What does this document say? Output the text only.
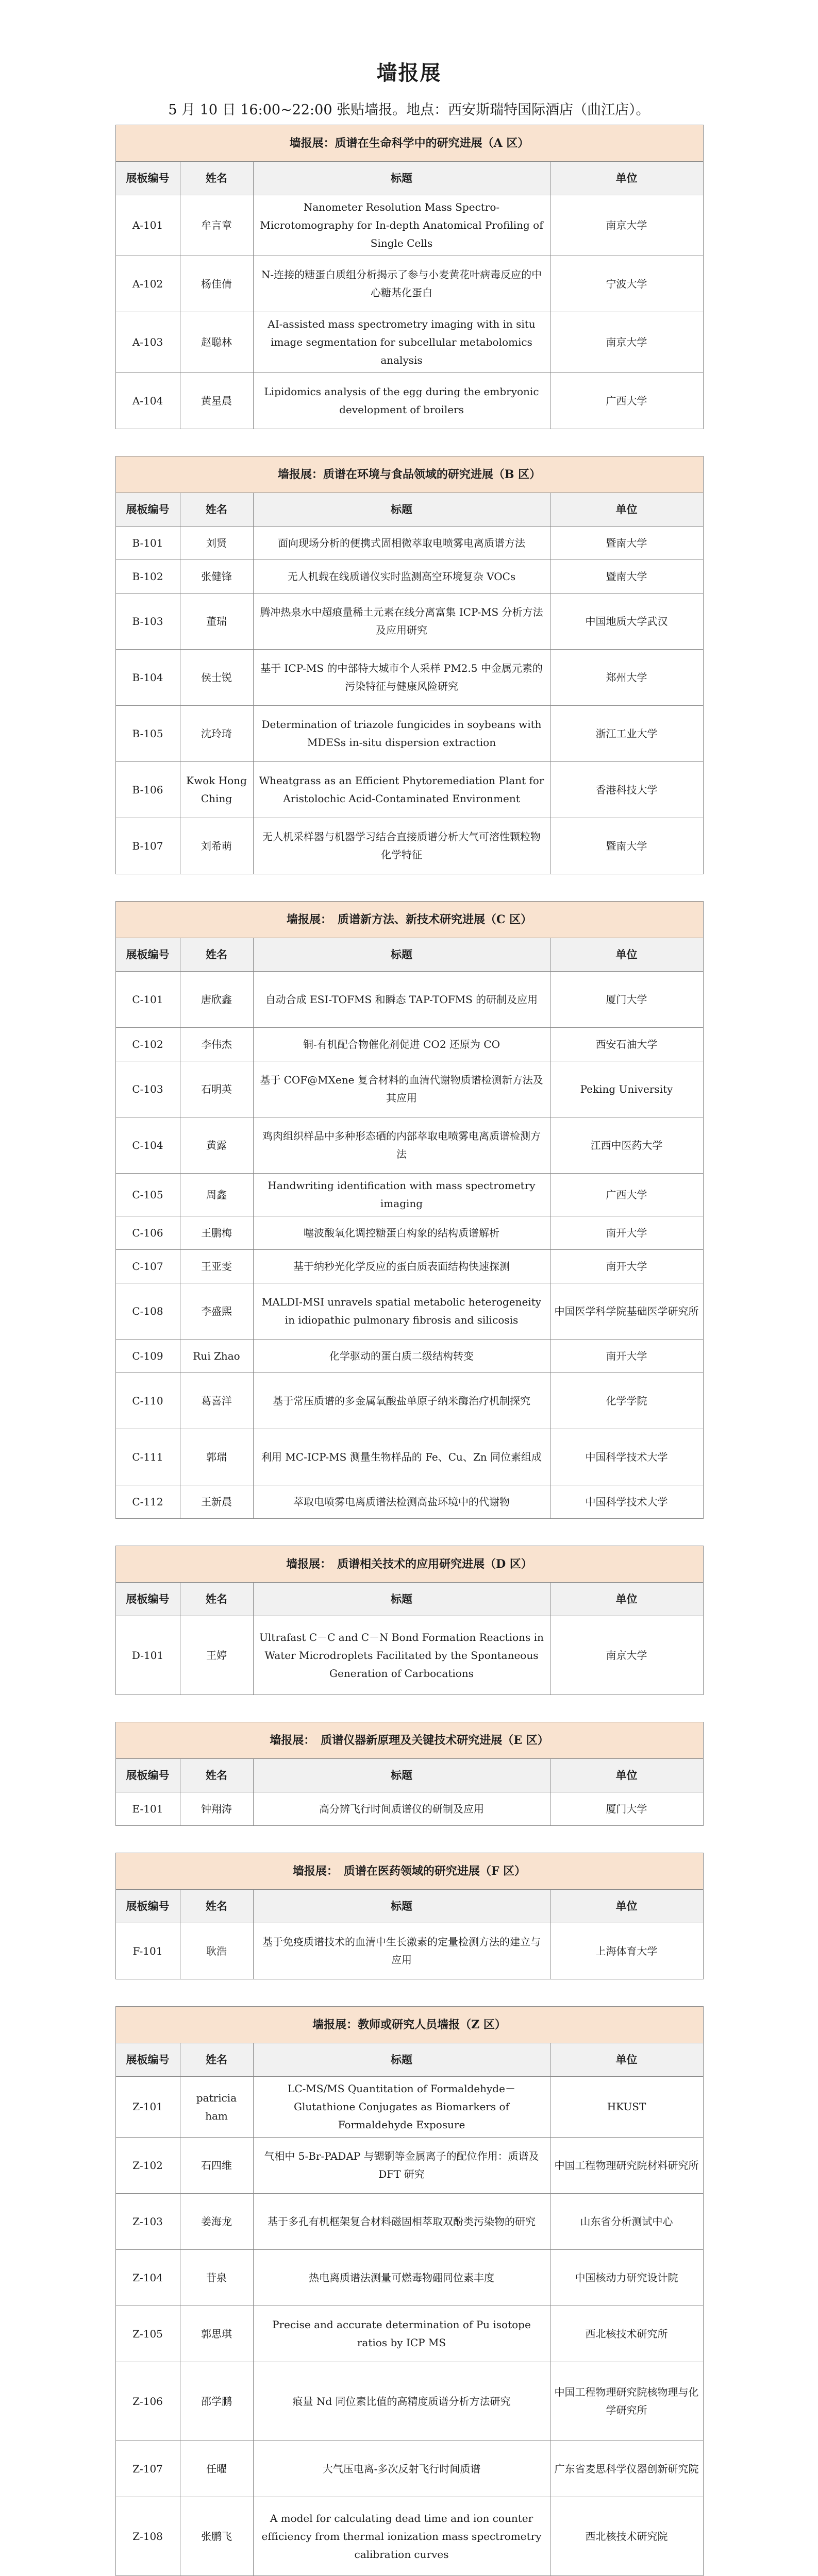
墙报展

5 月 10 日 16:00~22:00 张贴墙报。地点：西安斯瑞特国际酒店（曲江店）。

墙报展：质谱在生命科学中的研究进展（A 区）			
展板编号	姓名	标题	单位
A-101	牟言章	Nanometer Resolution Mass Spectro-Microtomography for In-depth Anatomical Profiling of Single Cells	南京大学
A-102	杨佳倩	N-连接的糖蛋白质组分析揭示了参与小麦黄花叶病毒反应的中心糖基化蛋白	宁波大学
A-103	赵聪林	AI-assisted mass spectrometry imaging with in situ image segmentation for subcellular metabolomics analysis	南京大学
A-104	黄星晨	Lipidomics analysis of the egg during the embryonic development of broilers	广西大学
墙报展：质谱在环境与食品领域的研究进展（B 区）			
展板编号	姓名	标题	单位
B-101	刘贤	面向现场分析的便携式固相微萃取电喷雾电离质谱方法	暨南大学
B-102	张健锋	无人机载在线质谱仪实时监测高空环境复杂 VOCs	暨南大学
B-103	董瑞	腾冲热泉水中超痕量稀土元素在线分离富集 ICP-MS 分析方法及应用研究	中国地质大学武汉
B-104	侯士锐	基于 ICP-MS 的中部特大城市个人采样 PM2.5 中金属元素的污染特征与健康风险研究	郑州大学
B-105	沈玲琦	Determination of triazole fungicides in soybeans with MDESs in-situ dispersion extraction	浙江工业大学
B-106	Kwok Hong Ching	Wheatgrass as an Efficient Phytoremediation Plant for Aristolochic Acid-Contaminated Environment	香港科技大学
B-107	刘希萌	无人机采样器与机器学习结合直接质谱分析大气可溶性颗粒物化学特征	暨南大学
墙报展：　质谱新方法、新技术研究进展（C 区）			
展板编号	姓名	标题	单位
C-101	唐欣鑫	自动合成 ESI-TOFMS 和瞬态 TAP-TOFMS 的研制及应用	厦门大学
C-102	李伟杰	铜-有机配合物催化剂促进 CO2 还原为 CO	西安石油大学
C-103	石明英	基于 COF@MXene 复合材料的血清代谢物质谱检测新方法及其应用	Peking University
C-104	黄露	鸡肉组织样品中多种形态硒的内部萃取电喷雾电离质谱检测方法	江西中医药大学
C-105	周鑫	Handwriting identification with mass spectrometry imaging	广西大学
C-106	王鹏梅	噻波酸氧化调控糖蛋白构象的结构质谱解析	南开大学
C-107	王亚雯	基于纳秒光化学反应的蛋白质表面结构快速探测	南开大学
C-108	李盛熙	MALDI-MSI unravels spatial metabolic heterogeneity in idiopathic pulmonary fibrosis and silicosis	中国医学科学院基础医学研究所
C-109	Rui Zhao	化学驱动的蛋白质二级结构转变	南开大学
C-110	葛喜洋	基于常压质谱的多金属氧酸盐单原子纳米酶治疗机制探究	化学学院
C-111	郭瑞	利用 MC-ICP-MS 测量生物样品的 Fe、Cu、Zn 同位素组成	中国科学技术大学
C-112	王新晨	萃取电喷雾电离质谱法检测高盐环境中的代谢物	中国科学技术大学
墙报展：　质谱相关技术的应用研究进展（D 区）			
展板编号	姓名	标题	单位
D-101	王婷	Ultrafast C－C and C－N Bond Formation Reactions in Water Microdroplets Facilitated by the Spontaneous Generation of Carbocations	南京大学
墙报展：　质谱仪器新原理及关键技术研究进展（E 区）			
展板编号	姓名	标题	单位
E-101	钟翔涛	高分辨飞行时间质谱仪的研制及应用	厦门大学
墙报展：　质谱在医药领域的研究进展（F 区）			
展板编号	姓名	标题	单位
F-101	耿浩	基于免疫质谱技术的血清中生长激素的定量检测方法的建立与应用	上海体育大学
墙报展：教师或研究人员墙报（Z 区）			
展板编号	姓名	标题	单位
Z-101	patricia ham	LC-MS/MS Quantitation of Formaldehyde－Glutathione Conjugates as Biomarkers of Formaldehyde Exposure	HKUST
Z-102	石四维	气相中 5-Br-PADAP 与锶锕等金属离子的配位作用：质谱及 DFT 研究	中国工程物理研究院材料研究所
Z-103	姜海龙	基于多孔有机框架复合材料磁固相萃取双酚类污染物的研究	山东省分析测试中心
Z-104	苷泉	热电离质谱法测量可燃毒物硼同位素丰度	中国核动力研究设计院
Z-105	郭思琪	Precise and accurate determination of Pu isotope ratios by ICP MS	西北核技术研究所
Z-106	邵学鹏	痕量 Nd 同位素比值的高精度质谱分析方法研究	中国工程物理研究院核物理与化学研究所
Z-107	任曜	大气压电离-多次反射飞行时间质谱	广东省麦思科学仪器创新研究院
Z-108	张鹏飞	A model for calculating dead time and ion counter efficiency from thermal ionization mass spectrometry calibration curves	西北核技术研究院
